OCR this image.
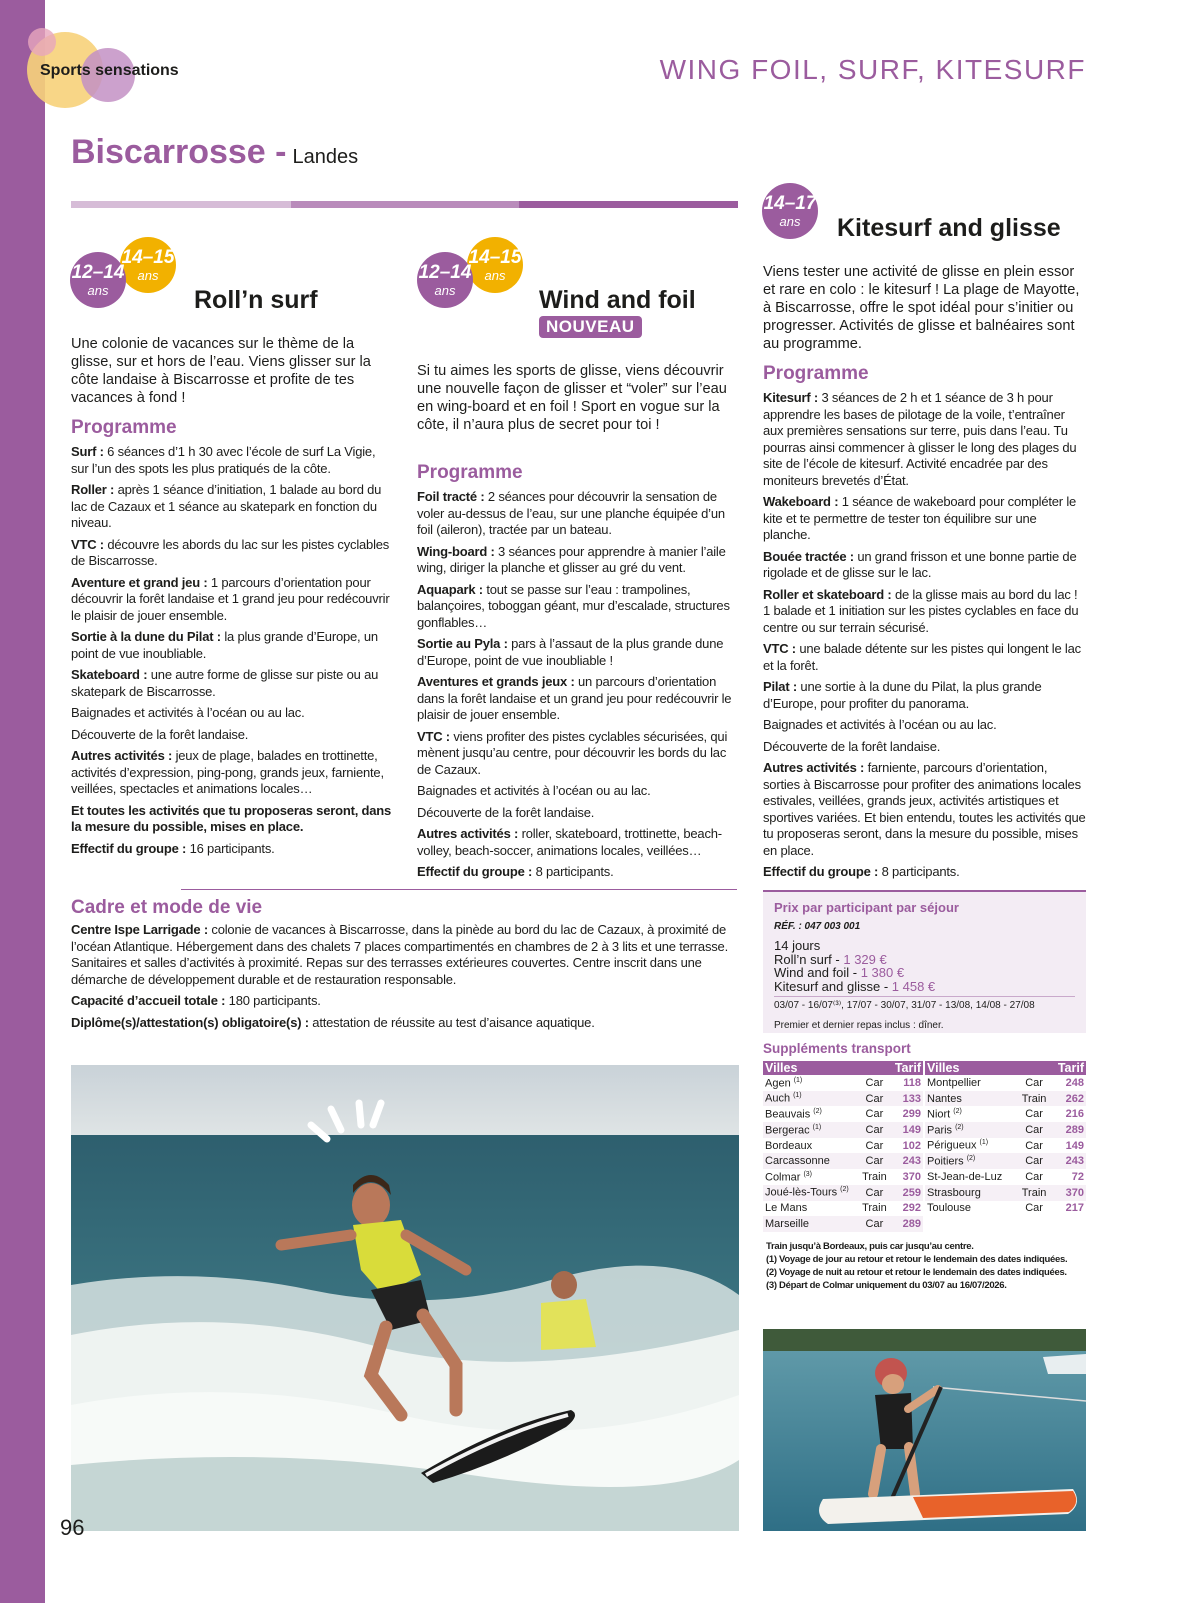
Sports sensations	WING FOIL, SURF, KITESURF
Biscarrosse - Landes
14–15
ans
12–14
ans	Roll’n surf
Une colonie de vacances sur le thème de la glisse, sur et hors de l’eau. Viens glisser sur la côte landaise à Biscarrosse et profite de tes vacances à fond !
Programme

Surf : 6 séances d’1 h 30 avec l’école de surf La Vigie, sur l’un des spots les plus pratiqués de la côte.

Roller : après 1 séance d’initiation, 1 balade au bord du lac de Cazaux et 1 séance au skatepark en fonction du niveau.

VTC : découvre les abords du lac sur les pistes cyclables de Biscarrosse.

Aventure et grand jeu : 1 parcours d’orientation pour découvrir la forêt landaise et 1 grand jeu pour redécouvrir le plaisir de jouer ensemble.

Sortie à la dune du Pilat : la plus grande d’Europe, un point de vue inoubliable.

Skateboard : une autre forme de glisse sur piste ou au skatepark de Biscarrosse.

Baignades et activités à l’océan ou au lac.

Découverte de la forêt landaise.

Autres activités : jeux de plage, balades en trottinette, activités d’expression, ping-pong, grands jeux, farniente, veillées, spectacles et animations locales…

Et toutes les activités que tu proposeras seront, dans la mesure du possible, mises en place.

Effectif du groupe : 16 participants.

14–15
ans
12–14
ans	Wind and foil
NOUVEAU
Si tu aimes les sports de glisse, viens découvrir une nouvelle façon de glisser et “voler” sur l’eau en wing-board et en foil ! Sport en vogue sur la côte, il n’aura plus de secret pour toi !
Programme

Foil tracté : 2 séances pour découvrir la sensation de voler au-dessus de l’eau, sur une planche équipée d’un foil (aileron), tractée par un bateau.

Wing-board : 3 séances pour apprendre à manier l’aile wing, diriger la planche et glisser au gré du vent.

Aquapark : tout se passe sur l’eau : trampolines, balançoires, toboggan géant, mur d’escalade, structures gonflables…

Sortie au Pyla : pars à l’assaut de la plus grande dune d’Europe, point de vue inoubliable !

Aventures et grands jeux : un parcours d’orientation dans la forêt landaise et un grand jeu pour redécouvrir le plaisir de jouer ensemble.

VTC : viens profiter des pistes cyclables sécurisées, qui mènent jusqu’au centre, pour découvrir les bords du lac de Cazaux.

Baignades et activités à l’océan ou au lac.

Découverte de la forêt landaise.

Autres activités : roller, skateboard, trottinette, beach-volley, beach-soccer, animations locales, veillées…

Effectif du groupe : 8 participants.

14–17
ans Kitesurf and glisse
Viens tester une activité de glisse en plein essor et rare en colo : le kitesurf ! La plage de Mayotte, à Biscarrosse, offre le spot idéal pour s’initier ou progresser. Activités de glisse et balnéaires sont au programme.
Programme

Kitesurf : 3 séances de 2 h et 1 séance de 3 h pour apprendre les bases de pilotage de la voile, t’entraîner aux premières sensations sur terre, puis dans l’eau. Tu pourras ainsi commencer à glisser le long des plages du site de l’école de kitesurf. Activité encadrée par des moniteurs brevetés d’État.

Wakeboard : 1 séance de wakeboard pour compléter le kite et te permettre de tester ton équilibre sur une planche.

Bouée tractée : un grand frisson et une bonne partie de rigolade et de glisse sur le lac.

Roller et skateboard : de la glisse mais au bord du lac ! 1 balade et 1 initiation sur les pistes cyclables en face du centre ou sur terrain sécurisé.

VTC : une balade détente sur les pistes qui longent le lac et la forêt.

Pilat : une sortie à la dune du Pilat, la plus grande d’Europe, pour profiter du panorama.

Baignades et activités à l’océan ou au lac.

Découverte de la forêt landaise.

Autres activités : farniente, parcours d’orientation, sorties à Biscarrosse pour profiter des animations locales estivales, veillées, grands jeux, activités artistiques et sportives variées. Et bien entendu, toutes les activités que tu proposeras seront, dans la mesure du possible, mises en place.

Effectif du groupe : 8 participants.

Cadre et mode de vie

Centre Ispe Larrigade : colonie de vacances à Biscarrosse, dans la pinède au bord du lac de Cazaux, à proximité de l’océan Atlantique. Hébergement dans des chalets 7 places compartimentés en chambres de 2 à 3 lits et une terrasse. Sanitaires et salles d’activités à proximité. Repas sur des terrasses extérieures couvertes. Centre inscrit dans une démarche de développement durable et de restauration responsable.

Capacité d’accueil totale : 180 participants.

Diplôme(s)/attestation(s) obligatoire(s) : attestation de réussite au test d’aisance aquatique.

Prix par participant par séjour
RÉF. : 047 003 001
14 jours
Roll’n surf - 1 329 €
Wind and foil - 1 380 €
Kitesurf and glisse - 1 458 €
03/07 - 16/07⁽³⁾, 17/07 - 30/07, 31/07 - 13/08, 14/08 - 27/08
Premier et dernier repas inclus : dîner.
Suppléments transport
Villes		Tarif
Agen $^{(1)}$	Car	118
Auch $^{(1)}$	Car	133
Beauvais $^{(2)}$	Car	299
Bergerac $^{(1)}$	Car	149
Bordeaux	Car	102
Carcassonne	Car	243
Colmar $^{(3)}$	Train	370
Joué-lès-Tours $^{(2)}$	Car	259
Le Mans	Train	292
Marseille	Car	289
Villes		Tarif
Montpellier	Car	248
Nantes	Train	262
Niort $^{(2)}$	Car	216
Paris $^{(2)}$	Car	289
Périgueux $^{(1)}$	Car	149
Poitiers $^{(2)}$	Car	243
St-Jean-de-Luz	Car	72
Strasbourg	Train	370
Toulouse	Car	217
Train jusqu’à Bordeaux, puis car jusqu’au centre.
(1) Voyage de jour au retour et retour le lendemain des dates indiquées.
(2) Voyage de nuit au retour et retour le lendemain des dates indiquées.
(3) Départ de Colmar uniquement du 03/07 au 16/07/2026.
96
